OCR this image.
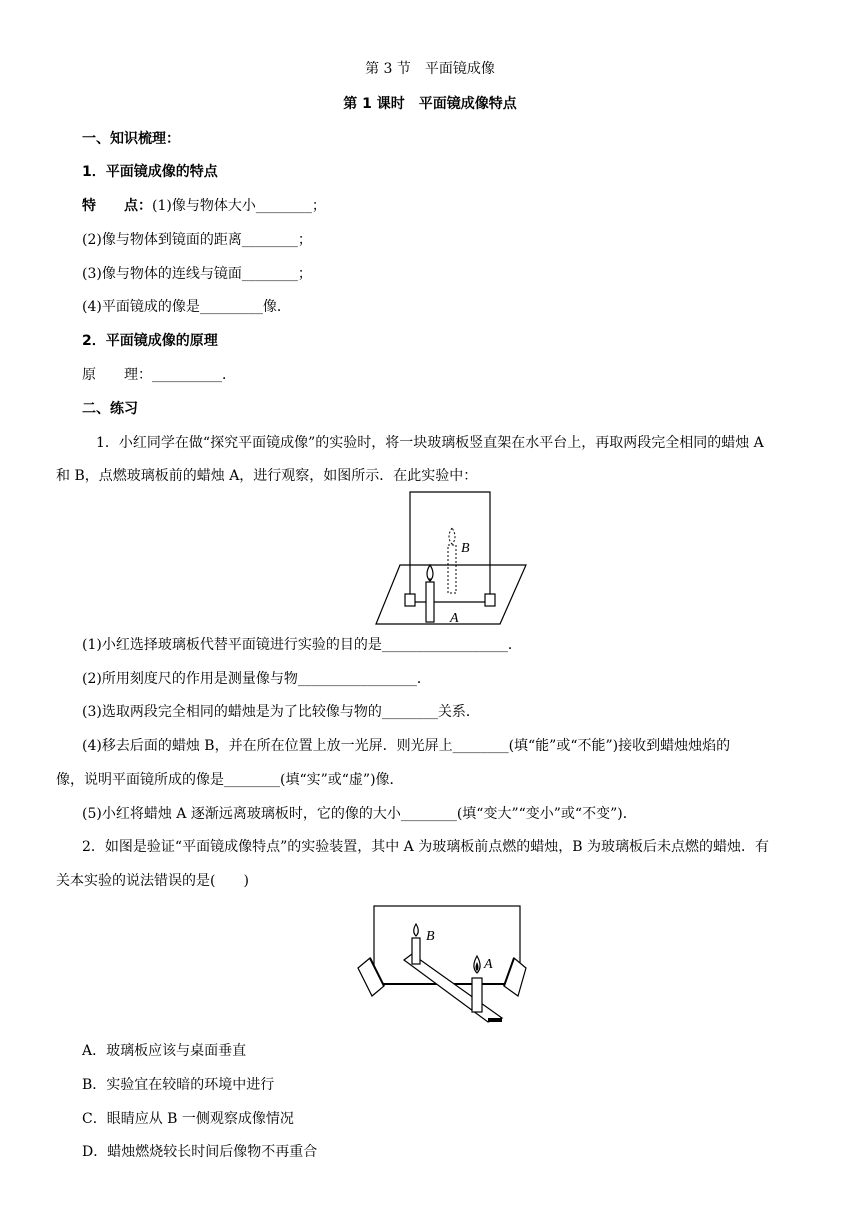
第 3 节　平面镜成像
第 1 课时　平面镜成像特点
一、知识梳理：
1．平面镜成像的特点
特　　点：(1)像与物体大小________；
(2)像与物体到镜面的距离________；
(3)像与物体的连线与镜面________；
(4)平面镜成的像是_________像．
2．平面镜成像的原理
原　　理：__________．
二、练习
1．小红同学在做“探究平面镜成像”的实验时，将一块玻璃板竖直架在水平台上，再取两段完全相同的蜡烛 A
和 B，点燃玻璃板前的蜡烛 A，进行观察，如图所示．在此实验中：
B
A
(1)小红选择玻璃板代替平面镜进行实验的目的是__________________．
(2)所用刻度尺的作用是测量像与物_________________．
(3)选取两段完全相同的蜡烛是为了比较像与物的________关系．
(4)移去后面的蜡烛 B，并在所在位置上放一光屏．则光屏上________(填“能”或“不能”)接收到蜡烛烛焰的
像，说明平面镜所成的像是________(填“实”或“虚”)像．
(5)小红将蜡烛 A 逐渐远离玻璃板时，它的像的大小________(填“变大”“变小”或“不变”)．
2．如图是验证“平面镜成像特点”的实验装置，其中 A 为玻璃板前点燃的蜡烛，B 为玻璃板后未点燃的蜡烛．有
关本实验的说法错误的是(　　)
B
A
A．玻璃板应该与桌面垂直
B．实验宜在较暗的环境中进行
C．眼睛应从 B 一侧观察成像情况
D．蜡烛燃烧较长时间后像物不再重合
